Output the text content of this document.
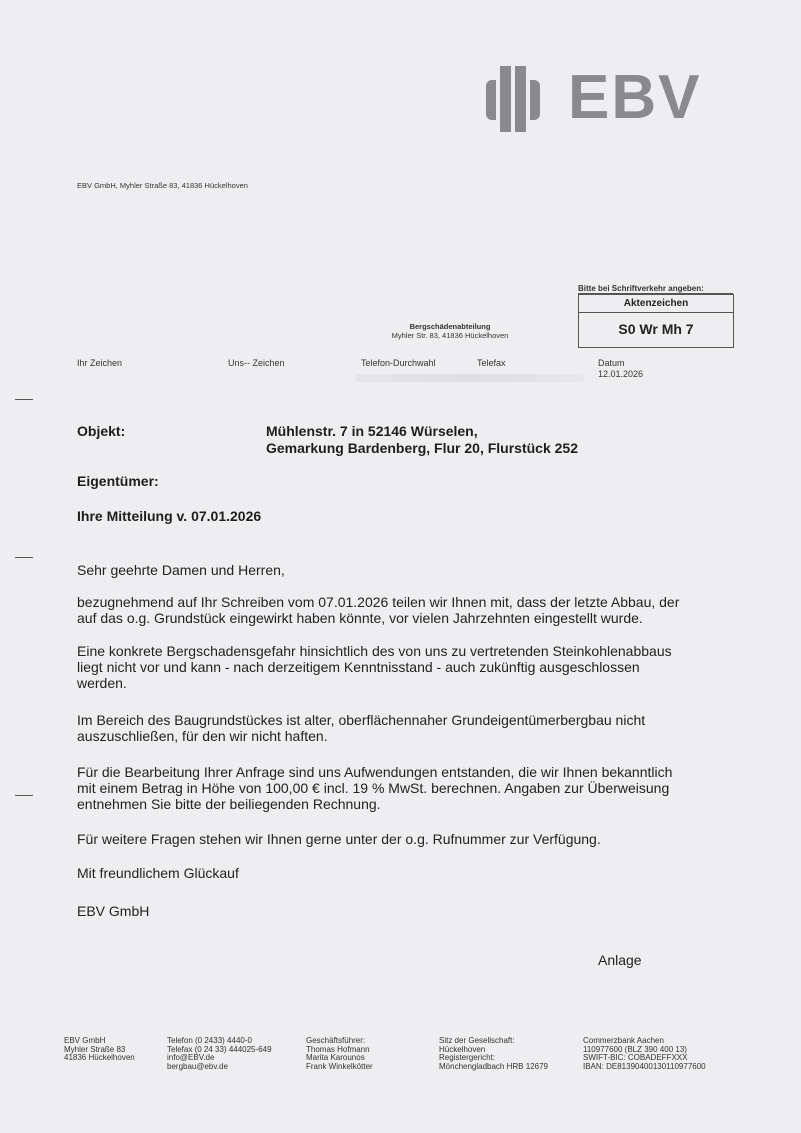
EBV
EBV GmbH, Myhler Straße 83, 41836 Hückelhoven
Bitte bei Schriftverkehr angeben:
Aktenzeichen
S0 Wr Mh 7
Bergschädenabteilung
Myhler Str. 83, 41836 Hückelhoven
Ihr Zeichen	Uns-- Zeichen	Telefon-Durchwahl	Telefax	Datum
12.01.2026
Objekt:	Mühlenstr. 7 in 52146 Würselen,
Gemarkung Bardenberg, Flur 20, Flurstück 252
Eigentümer:
Ihre Mitteilung v. 07.01.2026
Sehr geehrte Damen und Herren,
bezugnehmend auf Ihr Schreiben vom 07.01.2026 teilen wir Ihnen mit, dass der letzte Abbau, der
auf das o.g. Grundstück eingewirkt haben könnte, vor vielen Jahrzehnten eingestellt wurde.
Eine konkrete Bergschadensgefahr hinsichtlich des von uns zu vertretenden Steinkohlenabbaus
liegt nicht vor und kann - nach derzeitigem Kenntnisstand - auch zukünftig ausgeschlossen
werden.
Im Bereich des Baugrundstückes ist alter, oberflächennaher Grundeigentümerbergbau nicht
auszuschließen, für den wir nicht haften.
Für die Bearbeitung Ihrer Anfrage sind uns Aufwendungen entstanden, die wir Ihnen bekanntlich
mit einem Betrag in Höhe von 100,00 € incl. 19 % MwSt. berechnen. Angaben zur Überweisung
entnehmen Sie bitte der beiliegenden Rechnung.
Für weitere Fragen stehen wir Ihnen gerne unter der o.g. Rufnummer zur Verfügung.
Mit freundlichem Glückauf
EBV GmbH
Anlage
EBV GmbH
Myhler Straße 83
41836 Hückelhoven
Telefon (0 2433) 4440-0
Telefax (0 24 33) 444025-649
info@EBV.de
bergbau@ebv.de
Geschäftsführer:
Thomas Hofmann
Marita Karounos
Frank Winkelkötter
Sitz der Gesellschaft:
Hückelhoven
Registergericht:
Mönchengladbach HRB 12679
Commerzbank Aachen
110977600 (BLZ 390 400 13)
SWIFT-BIC: COBADEFFXXX
IBAN: DE81390400130110977600
